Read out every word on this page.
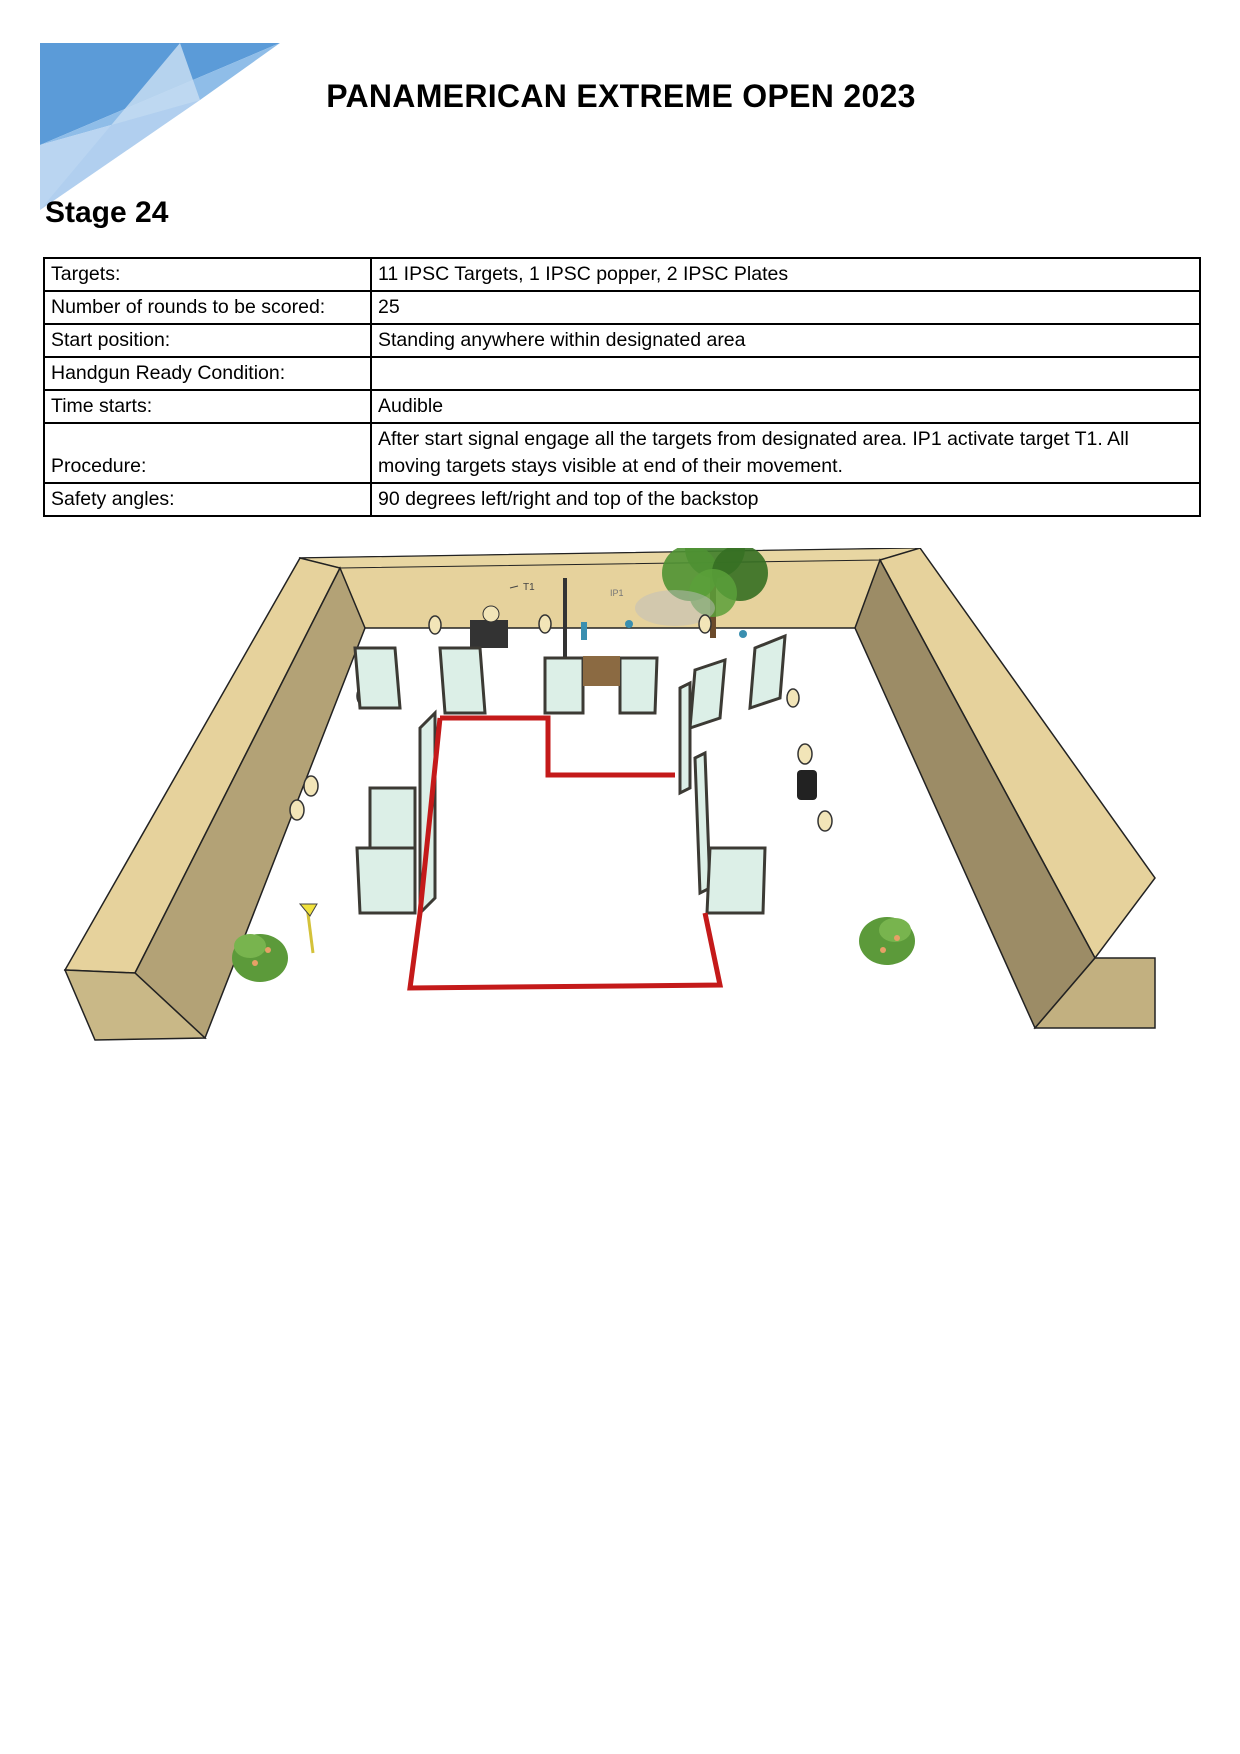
PANAMERICAN EXTREME OPEN 2023
Stage 24
Targets:	11 IPSC Targets, 1 IPSC popper, 2 IPSC Plates
Number of rounds to be scored:	25
Start position:	Standing anywhere within designated area
Handgun Ready Condition:	
Time starts:	Audible
Procedure:	After start signal engage all the targets from designated area. IP1 activate target T1. All moving targets stays visible at end of their movement.
Safety angles:	90 degrees left/right and top of the backstop
T1	IP1
